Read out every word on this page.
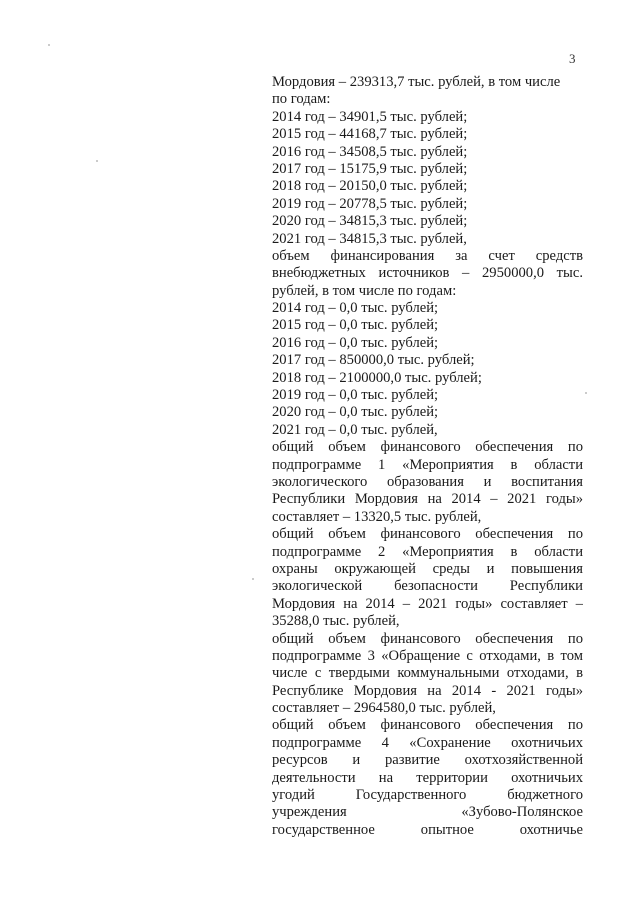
3
Мордовия – 239313,7 тыс. рублей, в том числе
по годам:
2014 год – 34901,5 тыс. рублей;
2015 год – 44168,7 тыс. рублей;
2016 год – 34508,5 тыс. рублей;
2017 год – 15175,9 тыс. рублей;
2018 год – 20150,0 тыс. рублей;
2019 год – 20778,5 тыс. рублей;
2020 год – 34815,3 тыс. рублей;
2021 год – 34815,3 тыс. рублей,
объем финансирования за счет средств
внебюджетных источников – 2950000,0 тыс.
рублей, в том числе по годам:
2014 год – 0,0 тыс. рублей;
2015 год – 0,0 тыс. рублей;
2016 год – 0,0 тыс. рублей;
2017 год – 850000,0 тыс. рублей;
2018 год – 2100000,0 тыс. рублей;
2019 год – 0,0 тыс. рублей;
2020 год – 0,0 тыс. рублей;
2021 год – 0,0 тыс. рублей,
общий объем финансового обеспечения по
подпрограмме 1 «Мероприятия в области
экологического образования и воспитания
Республики Мордовия на 2014 – 2021 годы»
составляет – 13320,5 тыс. рублей,
общий объем финансового обеспечения по
подпрограмме 2 «Мероприятия в области
охраны окружающей среды и повышения
экологической безопасности Республики
Мордовия на 2014 – 2021 годы» составляет –
35288,0 тыс. рублей,
общий объем финансового обеспечения по
подпрограмме 3 «Обращение с отходами, в том
числе с твердыми коммунальными отходами, в
Республике Мордовия на 2014 - 2021 годы»
составляет – 2964580,0 тыс. рублей,
общий объем финансового обеспечения по
подпрограмме 4 «Сохранение охотничьих
ресурсов и развитие охотхозяйственной
деятельности на территории охотничьих
угодий Государственного бюджетного
учреждения «Зубово-Полянское
государственное опытное охотничье
